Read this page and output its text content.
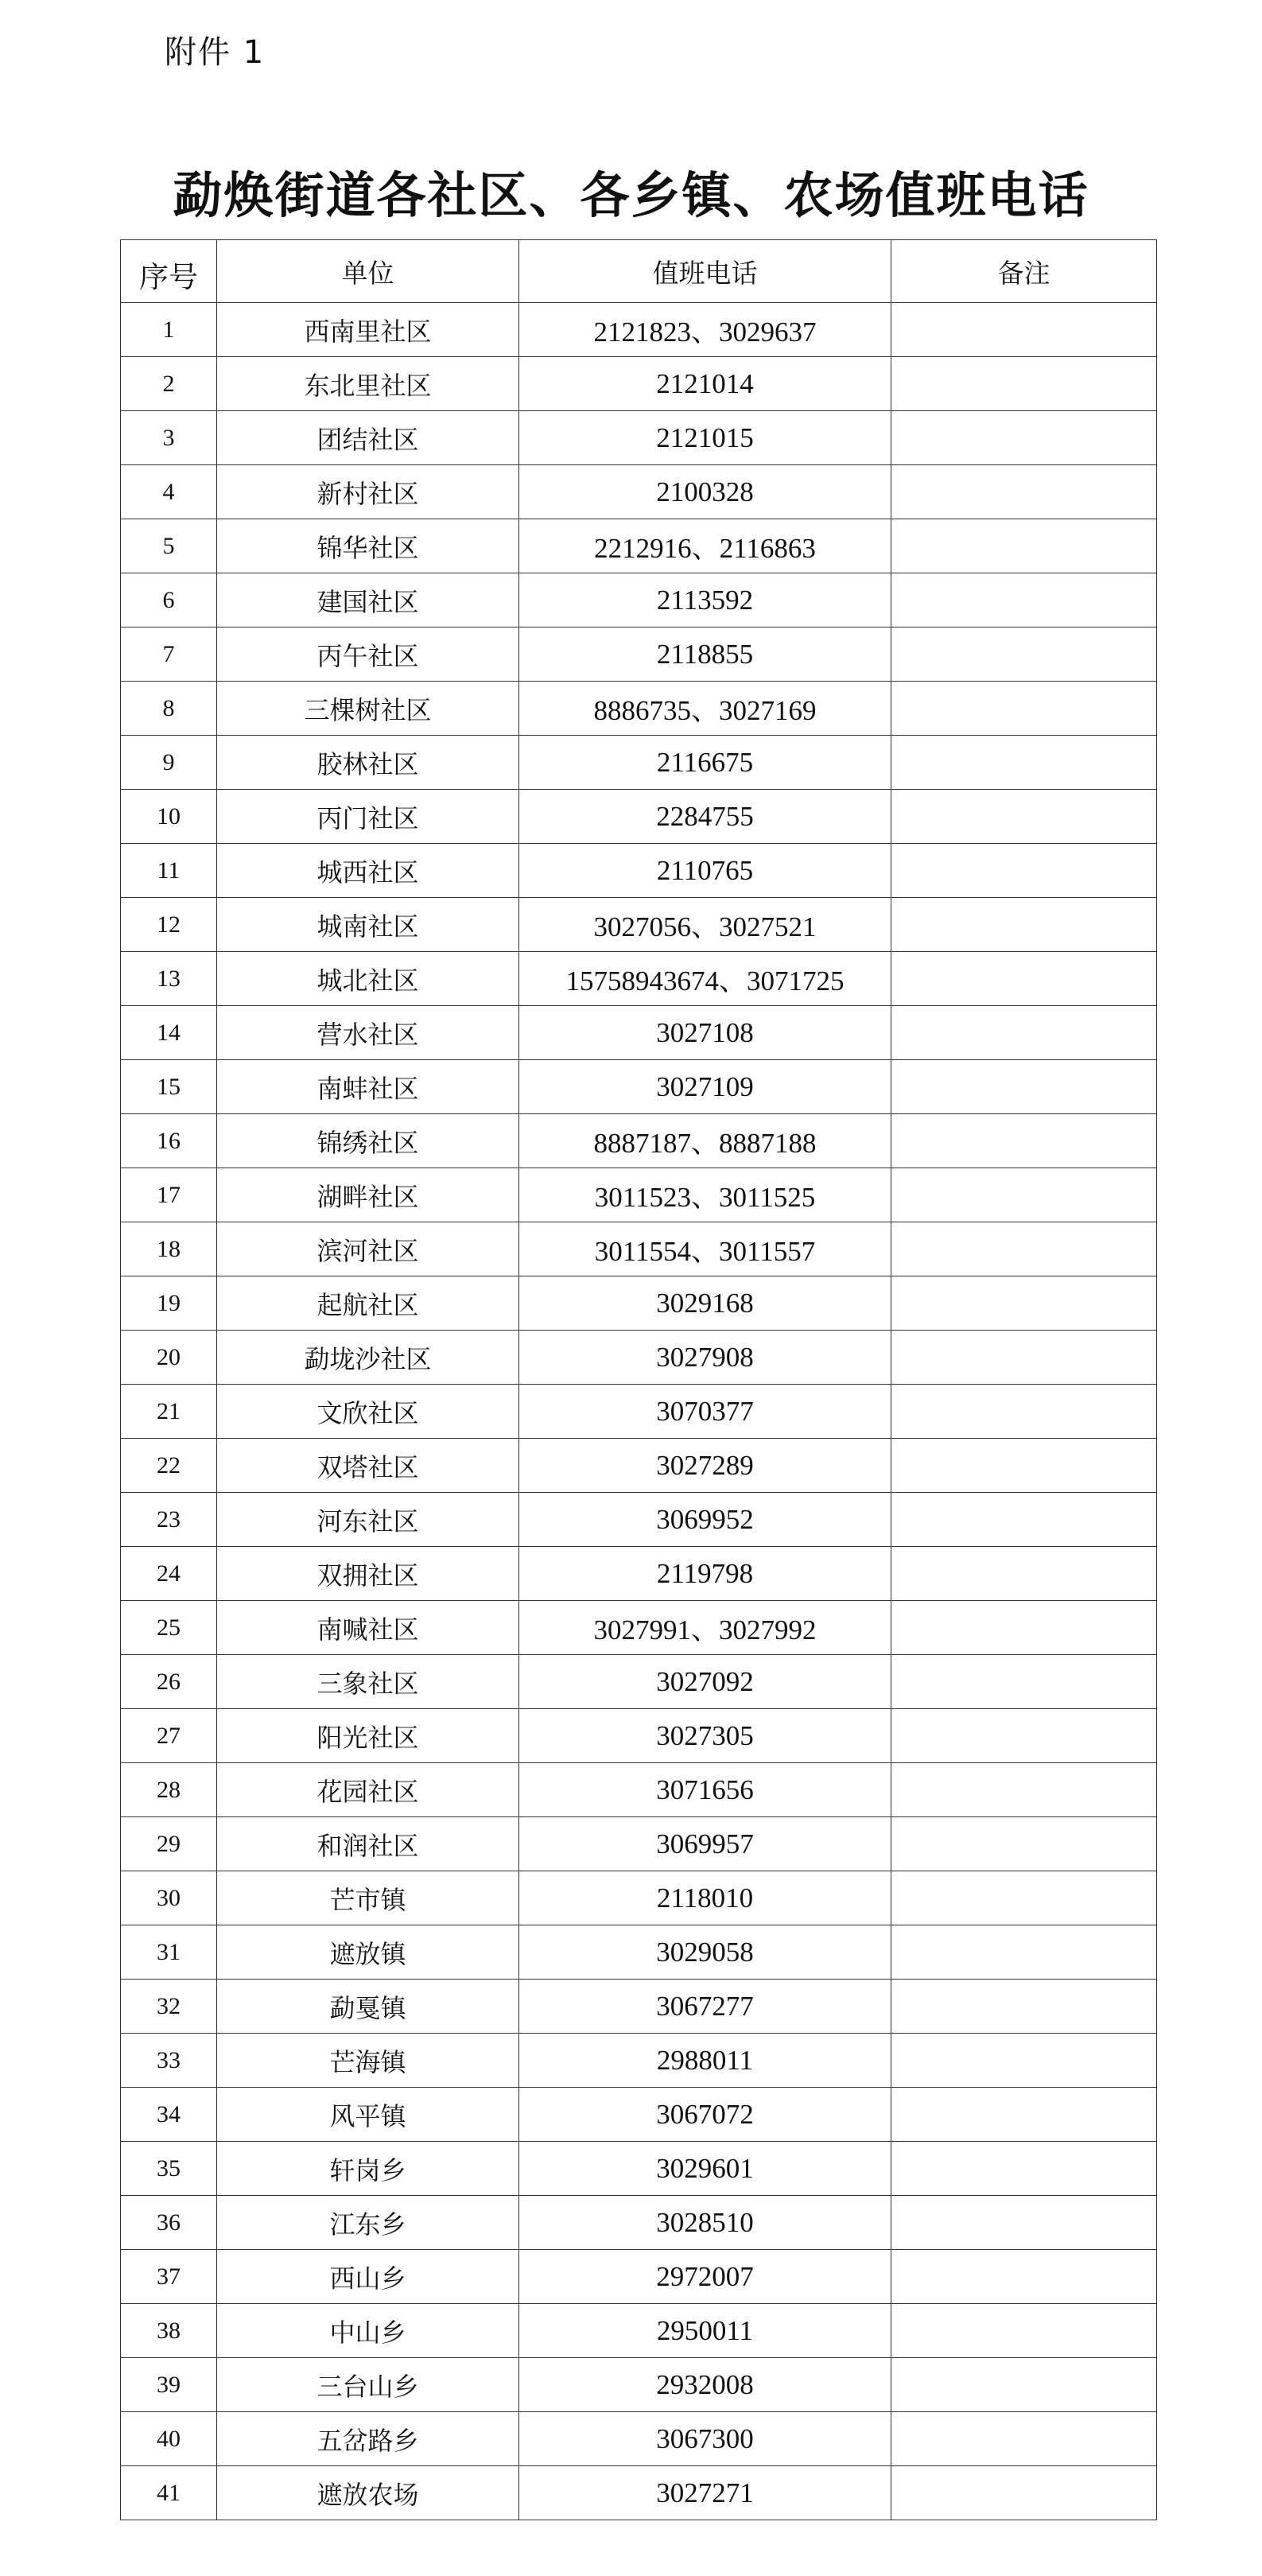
附件 1
勐焕街道各社区、各乡镇、农场值班电话
序号	单位	值班电话	备注
1	西南里社区	2121823、3029637	
2	东北里社区	2121014	
3	团结社区	2121015	
4	新村社区	2100328	
5	锦华社区	2212916、2116863	
6	建国社区	2113592	
7	丙午社区	2118855	
8	三棵树社区	8886735、3027169	
9	胶林社区	2116675	
10	丙门社区	2284755	
11	城西社区	2110765	
12	城南社区	3027056、3027521	
13	城北社区	15758943674、3071725	
14	营水社区	3027108	
15	南蚌社区	3027109	
16	锦绣社区	8887187、8887188	
17	湖畔社区	3011523、3011525	
18	滨河社区	3011554、3011557	
19	起航社区	3029168	
20	勐垅沙社区	3027908	
21	文欣社区	3070377	
22	双塔社区	3027289	
23	河东社区	3069952	
24	双拥社区	2119798	
25	南喊社区	3027991、3027992	
26	三象社区	3027092	
27	阳光社区	3027305	
28	花园社区	3071656	
29	和润社区	3069957	
30	芒市镇	2118010	
31	遮放镇	3029058	
32	勐戛镇	3067277	
33	芒海镇	2988011	
34	风平镇	3067072	
35	轩岗乡	3029601	
36	江东乡	3028510	
37	西山乡	2972007	
38	中山乡	2950011	
39	三台山乡	2932008	
40	五岔路乡	3067300	
41	遮放农场	3027271	
